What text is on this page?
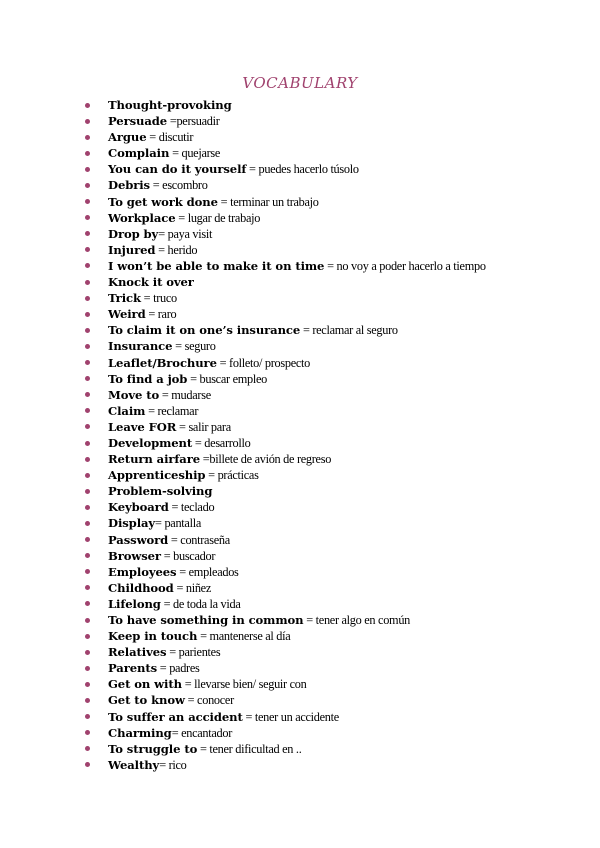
VOCABULARY
Thought-provoking
Persuade =persuadir
Argue = discutir
Complain = quejarse
You can do it yourself = puedes hacerlo túsolo
Debris = escombro
To get work done = terminar un trabajo
Workplace = lugar de trabajo
Drop by = paya visit
Injured = herido
I won’t be able to make it on time = no voy a poder hacerlo a tiempo
Knock it over
Trick = truco
Weird = raro
To claim it on one’s insurance = reclamar al seguro
Insurance = seguro
Leaflet/Brochure = folleto/ prospecto
To find a job = buscar empleo
Move to = mudarse
Claim = reclamar
Leave FOR = salir para
Development = desarrollo
Return airfare =billete de avión de regreso
Apprenticeship = prácticas
Problem-solving
Keyboard = teclado
Display = pantalla
Password = contraseña
Browser = buscador
Employees = empleados
Childhood = niñez
Lifelong = de toda la vida
To have something in common = tener algo en común
Keep in touch = mantenerse al día
Relatives = parientes
Parents = padres
Get on with = llevarse bien/ seguir con
Get to know = conocer
To suffer an accident = tener un accidente
Charming = encantador
To struggle to = tener dificultad en ..
Wealthy = rico
